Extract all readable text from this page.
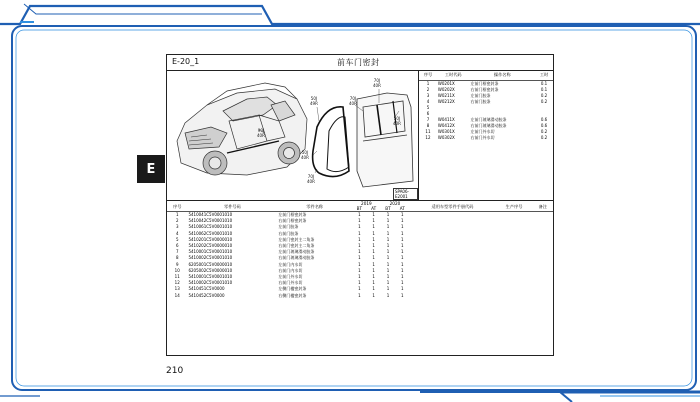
E
E-20_1	前车门密封
50J
49R
70J
40R
70J
40R
50J
40R
50J
40R
70J
40R
90J
40R
SPA06-E2001
序号	工时代码	操作名称	工时
1	W0201X	左前门框密封条	0.1
2	W0202X	右前门框密封条	0.1
3	W0211X	左前门胶条	0.2
4	W0212X	右前门胶条	0.2
5			
6			
7	W0411X	左前门玻璃滑动胶条	0.6
8	W0412X	右前门玻璃滑动胶条	0.6
11	W0301X	左前门外水切	0.2
12	W0302X	右前门外水切	0.2
序号	零件号码	零件名称	2019		2020		适用车型零件手册代码	生产序号	备注
			BT	AT	BT	AT			
1	5410041C5V0001010	左前门框密封条	1	1	1	1			
2	5410042C5V0001010	右前门框密封条	1	1	1	1			
3	5410061C5V0001010	左前门胶条	1	1	1	1			
4	5410062C5V0001010	右前门胶条	1	1	1	1			
5	5410201C5V0000010	左前门密封主二角条	1	1	1	1			
6	5410202C5V0000010	右前门密封主二角条	1	1	1	1			
7	5410001C5V0001010	左前门玻璃滑动胶条	1	1	1	1			
8	5410002C5V0001010	右前门玻璃滑动胶条	1	1	1	1			
9	6205001C5V0000010	左前门内水切	1	1	1	1			
10	6205002C5V0000010	右前门内水切	1	1	1	1			
11	5410001C5V0001010	左前门外水切	1	1	1	1			
12	5410002C5V0001010	右前门外水切	1	1	1	1			
13	5410451C5V0000	左侧门槛密封条	1	1	1	1			
14	5410452C5V0000	右侧门槛密封条	1	1	1	1			
210
